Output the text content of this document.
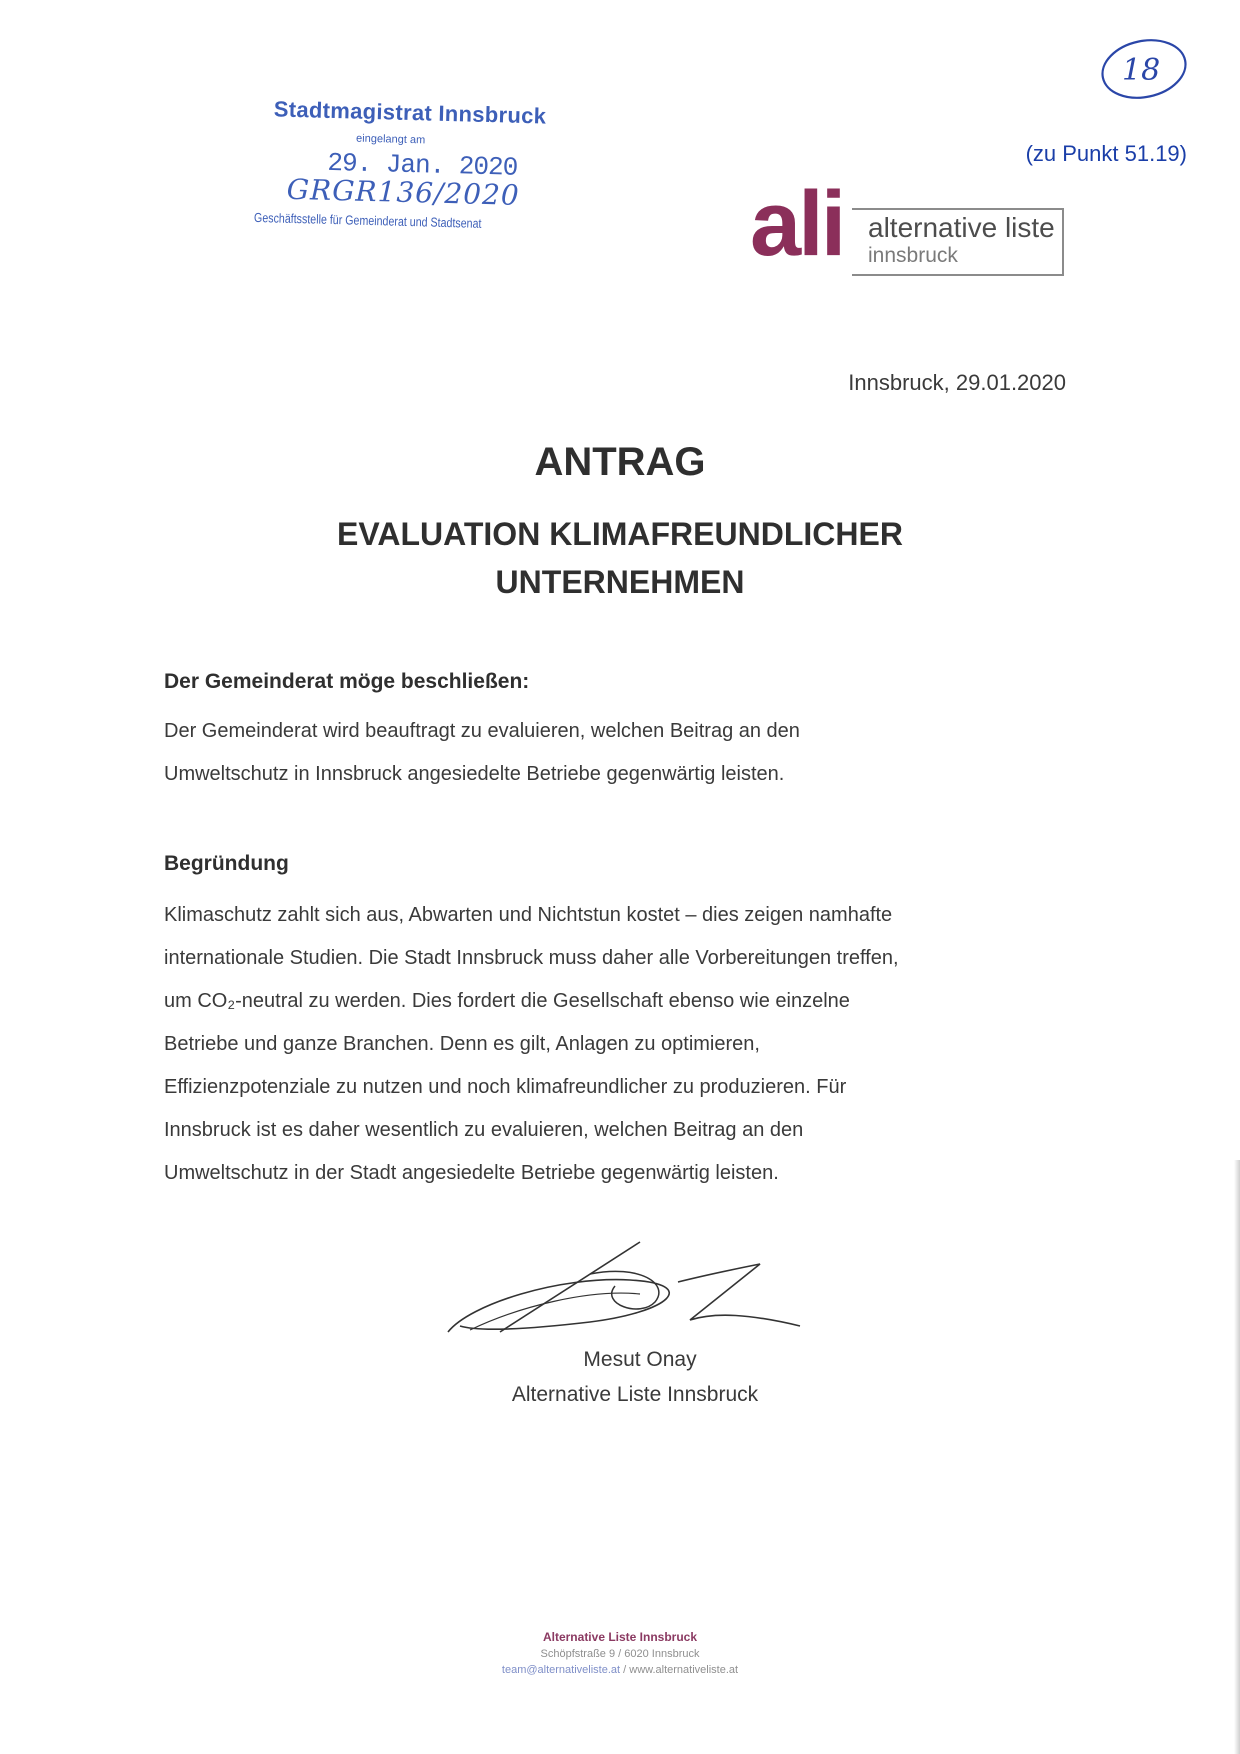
Stadtmagistrat Innsbruck
eingelangt am
29. Jan. 2020
GRGR136/2020
Geschäftsstelle für Gemeinderat und Stadtsenat
18
(zu Punkt 51.19)
ali alternative liste
innsbruck
Innsbruck, 29.01.2020
ANTRAG
EVALUATION KLIMAFREUNDLICHER
UNTERNEHMEN
Der Gemeinderat möge beschließen:
Der Gemeinderat wird beauftragt zu evaluieren, welchen Beitrag an den
Umweltschutz in Innsbruck angesiedelte Betriebe gegenwärtig leisten.
Begründung
Klimaschutz zahlt sich aus, Abwarten und Nichtstun kostet – dies zeigen namhafte
internationale Studien. Die Stadt Innsbruck muss daher alle Vorbereitungen treffen,
um CO₂-neutral zu werden. Dies fordert die Gesellschaft ebenso wie einzelne
Betriebe und ganze Branchen. Denn es gilt, Anlagen zu optimieren,
Effizienzpotenziale zu nutzen und noch klimafreundlicher zu produzieren. Für
Innsbruck ist es daher wesentlich zu evaluieren, welchen Beitrag an den
Umweltschutz in der Stadt angesiedelte Betriebe gegenwärtig leisten.
Mesut Onay
Alternative Liste Innsbruck
Alternative Liste Innsbruck
Schöpfstraße 9 / 6020 Innsbruck
team@alternativeliste.at / www.alternativeliste.at
